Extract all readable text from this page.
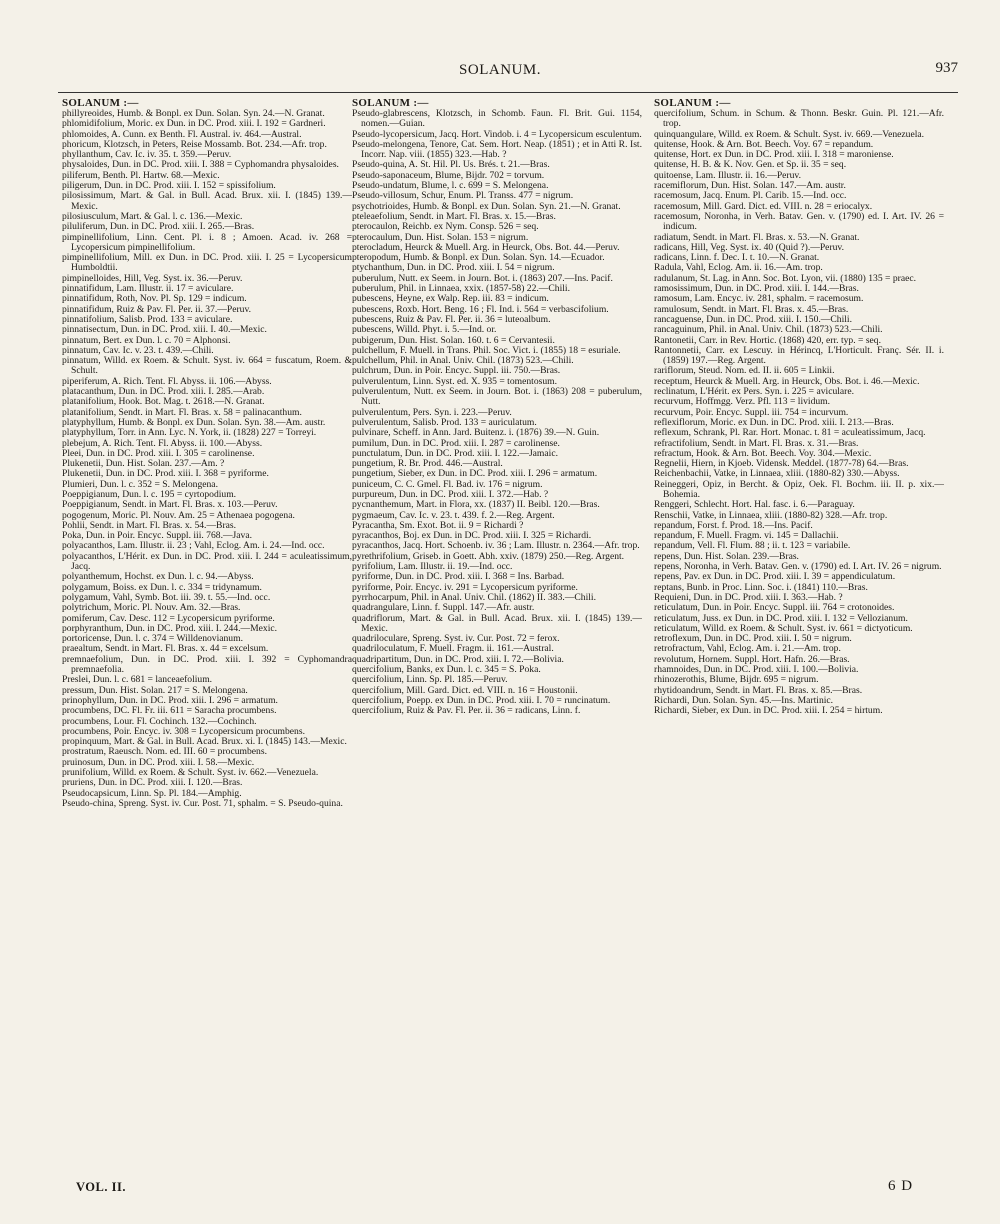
SOLANUM.	937
SOLANUM :—

phillyreoides, Humb. & Bonpl. ex Dun. Solan. Syn. 24.—N. Granat.

phlomidifolium, Moric. ex Dun. in DC. Prod. xiii. I. 192 = Gardneri.

phlomoides, A. Cunn. ex Benth. Fl. Austral. iv. 464.—Austral.

phoricum, Klotzsch, in Peters, Reise Mossamb. Bot. 234.—Afr. trop.

phyllanthum, Cav. Ic. iv. 35. t. 359.—Peruv.

physaloides, Dun. in DC. Prod. xiii. I. 388 = Cyphomandra physaloides.

piliferum, Benth. Pl. Hartw. 68.—Mexic.

piligerum, Dun. in DC. Prod. xiii. I. 152 = spissifolium.

pilosissimum, Mart. & Gal. in Bull. Acad. Brux. xii. I. (1845) 139.—Mexic.

pilosiusculum, Mart. & Gal. l. c. 136.—Mexic.

piluliferum, Dun. in DC. Prod. xiii. I. 265.—Bras.

pimpinellifolium, Linn. Cent. Pl. i. 8 ; Amoen. Acad. iv. 268 = Lycopersicum pimpinellifolium.

pimpinellifolium, Mill. ex Dun. in DC. Prod. xiii. I. 25 = Lycopersicum Humboldtii.

pimpinelloides, Hill, Veg. Syst. ix. 36.—Peruv.

pinnatifidum, Lam. Illustr. ii. 17 = aviculare.

pinnatifidum, Roth, Nov. Pl. Sp. 129 = indicum.

pinnatifidum, Ruiz & Pav. Fl. Per. ii. 37.—Peruv.

pinnatifolium, Salisb. Prod. 133 = aviculare.

pinnatisectum, Dun. in DC. Prod. xiii. I. 40.—Mexic.

pinnatum, Bert. ex Dun. l. c. 70 = Alphonsi.

pinnatum, Cav. Ic. v. 23. t. 439.—Chili.

pinnatum, Willd. ex Roem. & Schult. Syst. iv. 664 = fuscatum, Roem. & Schult.

piperiferum, A. Rich. Tent. Fl. Abyss. ii. 106.—Abyss.

platacanthum, Dun. in DC. Prod. xiii. I. 285.—Arab.

platanifolium, Hook. Bot. Mag. t. 2618.—N. Granat.

platanifolium, Sendt. in Mart. Fl. Bras. x. 58 = palinacanthum.

platyphyllum, Humb. & Bonpl. ex Dun. Solan. Syn. 38.—Am. austr.

platyphyllum, Torr. in Ann. Lyc. N. York, ii. (1828) 227 = Torreyi.

plebejum, A. Rich. Tent. Fl. Abyss. ii. 100.—Abyss.

Pleei, Dun. in DC. Prod. xiii. I. 305 = carolinense.

Plukenetii, Dun. Hist. Solan. 237.—Am. ?

Plukenetii, Dun. in DC. Prod. xiii. I. 368 = pyriforme.

Plumieri, Dun. l. c. 352 = S. Melongena.

Poeppigianum, Dun. l. c. 195 = cyrtopodium.

Poeppigianum, Sendt. in Mart. Fl. Bras. x. 103.—Peruv.

pogogenum, Moric. Pl. Nouv. Am. 25 = Athenaea pogogena.

Pohlii, Sendt. in Mart. Fl. Bras. x. 54.—Bras.

Poka, Dun. in Poir. Encyc. Suppl. iii. 768.—Java.

polyacanthos, Lam. Illustr. ii. 23 ; Vahl, Eclog. Am. i. 24.—Ind. occ.

polyacanthos, L'Hérit. ex Dun. in DC. Prod. xiii. I. 244 = aculeatissimum, Jacq.

polyanthemum, Hochst. ex Dun. l. c. 94.—Abyss.

polygamum, Boiss. ex Dun. l. c. 334 = tridynamum.

polygamum, Vahl, Symb. Bot. iii. 39. t. 55.—Ind. occ.

polytrichum, Moric. Pl. Nouv. Am. 32.—Bras.

pomiferum, Cav. Desc. 112 = Lycopersicum pyriforme.

porphyranthum, Dun. in DC. Prod. xiii. I. 244.—Mexic.

portoricense, Dun. l. c. 374 = Willdenovianum.

praealtum, Sendt. in Mart. Fl. Bras. x. 44 = excelsum.

premnaefolium, Dun. in DC. Prod. xiii. I. 392 = Cyphomandra premnaefolia.

Preslei, Dun. l. c. 681 = lanceaefolium.

pressum, Dun. Hist. Solan. 217 = S. Melongena.

prinophyllum, Dun. in DC. Prod. xiii. I. 296 = armatum.

procumbens, DC. Fl. Fr. iii. 611 = Saracha procumbens.

procumbens, Lour. Fl. Cochinch. 132.—Cochinch.

procumbens, Poir. Encyc. iv. 308 = Lycopersicum procumbens.

propinquum, Mart. & Gal. in Bull. Acad. Brux. xi. I. (1845) 143.—Mexic.

prostratum, Raeusch. Nom. ed. III. 60 = procumbens.

pruinosum, Dun. in DC. Prod. xiii. I. 58.—Mexic.

prunifolium, Willd. ex Roem. & Schult. Syst. iv. 662.—Venezuela.

pruriens, Dun. in DC. Prod. xiii. I. 120.—Bras.

Pseudocapsicum, Linn. Sp. Pl. 184.—Amphig.

Pseudo-china, Spreng. Syst. iv. Cur. Post. 71, sphalm. = S. Pseudo-quina.

SOLANUM :—

Pseudo-glabrescens, Klotzsch, in Schomb. Faun. Fl. Brit. Gui. 1154, nomen.—Guian.

Pseudo-lycopersicum, Jacq. Hort. Vindob. i. 4 = Lycopersicum esculentum.

Pseudo-melongena, Tenore, Cat. Sem. Hort. Neap. (1851) ; et in Atti R. Ist. Incorr. Nap. viii. (1855) 323.—Hab. ?

Pseudo-quina, A. St. Hil. Pl. Us. Brés. t. 21.—Bras.

Pseudo-saponaceum, Blume, Bijdr. 702 = torvum.

Pseudo-undatum, Blume, l. c. 699 = S. Melongena.

Pseudo-villosum, Schur, Enum. Pl. Transs. 477 = nigrum.

psychotrioides, Humb. & Bonpl. ex Dun. Solan. Syn. 21.—N. Granat.

pteleaefolium, Sendt. in Mart. Fl. Bras. x. 15.—Bras.

pterocaulon, Reichb. ex Nym. Consp. 526 = seq.

pterocaulum, Dun. Hist. Solan. 153 = nigrum.

pterocladum, Heurck & Muell. Arg. in Heurck, Obs. Bot. 44.—Peruv.

pteropodum, Humb. & Bonpl. ex Dun. Solan. Syn. 14.—Ecuador.

ptychanthum, Dun. in DC. Prod. xiii. I. 54 = nigrum.

puberulum, Nutt. ex Seem. in Journ. Bot. i. (1863) 207.—Ins. Pacif.

puberulum, Phil. in Linnaea, xxix. (1857-58) 22.—Chili.

pubescens, Heyne, ex Walp. Rep. iii. 83 = indicum.

pubescens, Roxb. Hort. Beng. 16 ; Fl. Ind. i. 564 = verbascifolium.

pubescens, Ruiz & Pav. Fl. Per. ii. 36 = luteoalbum.

pubescens, Willd. Phyt. i. 5.—Ind. or.

pubigerum, Dun. Hist. Solan. 160. t. 6 = Cervantesii.

pulchellum, F. Muell. in Trans. Phil. Soc. Vict. i. (1855) 18 = esuriale.

pulchellum, Phil. in Anal. Univ. Chil. (1873) 523.—Chili.

pulchrum, Dun. in Poir. Encyc. Suppl. iii. 750.—Bras.

pulverulentum, Linn. Syst. ed. X. 935 = tomentosum.

pulverulentum, Nutt. ex Seem. in Journ. Bot. i. (1863) 208 = puberulum, Nutt.

pulverulentum, Pers. Syn. i. 223.—Peruv.

pulverulentum, Salisb. Prod. 133 = auriculatum.

pulvinare, Scheff. in Ann. Jard. Buitenz. i. (1876) 39.—N. Guin.

pumilum, Dun. in DC. Prod. xiii. I. 287 = carolinense.

punctulatum, Dun. in DC. Prod. xiii. I. 122.—Jamaic.

pungetium, R. Br. Prod. 446.—Austral.

pungetium, Sieber, ex Dun. in DC. Prod. xiii. I. 296 = armatum.

puniceum, C. C. Gmel. Fl. Bad. iv. 176 = nigrum.

purpureum, Dun. in DC. Prod. xiii. I. 372.—Hab. ?

pycnanthemum, Mart. in Flora, xx. (1837) II. Beibl. 120.—Bras.

pygmaeum, Cav. Ic. v. 23. t. 439. f. 2.—Reg. Argent.

Pyracantha, Sm. Exot. Bot. ii. 9 = Richardi ?

pyracanthos, Boj. ex Dun. in DC. Prod. xiii. I. 325 = Richardi.

pyracanthos, Jacq. Hort. Schoenb. iv. 36 ; Lam. Illustr. n. 2364.—Afr. trop.

pyrethrifolium, Griseb. in Goett. Abh. xxiv. (1879) 250.—Reg. Argent.

pyrifolium, Lam. Illustr. ii. 19.—Ind. occ.

pyriforme, Dun. in DC. Prod. xiii. I. 368 = Ins. Barbad.

pyriforme, Poir. Encyc. iv. 291 = Lycopersicum pyriforme.

pyrrhocarpum, Phil. in Anal. Univ. Chil. (1862) II. 383.—Chili.

quadrangulare, Linn. f. Suppl. 147.—Afr. austr.

quadriflorum, Mart. & Gal. in Bull. Acad. Brux. xii. I. (1845) 139.—Mexic.

quadriloculare, Spreng. Syst. iv. Cur. Post. 72 = ferox.

quadriloculatum, F. Muell. Fragm. ii. 161.—Austral.

quadripartitum, Dun. in DC. Prod. xiii. I. 72.—Bolivia.

quercifolium, Banks, ex Dun. l. c. 345 = S. Poka.

quercifolium, Linn. Sp. Pl. 185.—Peruv.

quercifolium, Mill. Gard. Dict. ed. VIII. n. 16 = Houstonii.

quercifolium, Poepp. ex Dun. in DC. Prod. xiii. I. 70 = runcinatum.

quercifolium, Ruiz & Pav. Fl. Per. ii. 36 = radicans, Linn. f.

SOLANUM :—

quercifolium, Schum. in Schum. & Thonn. Beskr. Guin. Pl. 121.—Afr. trop.

quinquangulare, Willd. ex Roem. & Schult. Syst. iv. 669.—Venezuela.

quitense, Hook. & Arn. Bot. Beech. Voy. 67 = repandum.

quitense, Hort. ex Dun. in DC. Prod. xiii. I. 318 = maroniense.

quitense, H. B. & K. Nov. Gen. et Sp. ii. 35 = seq.

quitoense, Lam. Illustr. ii. 16.—Peruv.

racemiflorum, Dun. Hist. Solan. 147.—Am. austr.

racemosum, Jacq. Enum. Pl. Carib. 15.—Ind. occ.

racemosum, Mill. Gard. Dict. ed. VIII. n. 28 = eriocalyx.

racemosum, Noronha, in Verh. Batav. Gen. v. (1790) ed. I. Art. IV. 26 = indicum.

radiatum, Sendt. in Mart. Fl. Bras. x. 53.—N. Granat.

radicans, Hill, Veg. Syst. ix. 40 (Quid ?).—Peruv.

radicans, Linn. f. Dec. I. t. 10.—N. Granat.

Radula, Vahl, Eclog. Am. ii. 16.—Am. trop.

radulanum, St. Lag. in Ann. Soc. Bot. Lyon, vii. (1880) 135 = praec.

ramosissimum, Dun. in DC. Prod. xiii. I. 144.—Bras.

ramosum, Lam. Encyc. iv. 281, sphalm. = racemosum.

ramulosum, Sendt. in Mart. Fl. Bras. x. 45.—Bras.

rancaguense, Dun. in DC. Prod. xiii. I. 150.—Chili.

rancaguinum, Phil. in Anal. Univ. Chil. (1873) 523.—Chili.

Rantonetii, Carr. in Rev. Hortic. (1868) 420, err. typ. = seq.

Rantonnetii, Carr. ex Lescuy. in Hérincq, L'Horticult. Franç. Sér. II. i. (1859) 197.—Reg. Argent.

rariflorum, Steud. Nom. ed. II. ii. 605 = Linkii.

receptum, Heurck & Muell. Arg. in Heurck, Obs. Bot. i. 46.—Mexic.

reclinatum, L'Hérit. ex Pers. Syn. i. 225 = aviculare.

recurvum, Hoffmgg. Verz. Pfl. 113 = lividum.

recurvum, Poir. Encyc. Suppl. iii. 754 = incurvum.

reflexiflorum, Moric. ex Dun. in DC. Prod. xiii. I. 213.—Bras.

reflexum, Schrank, Pl. Rar. Hort. Monac. t. 81 = aculeatissimum, Jacq.

refractifolium, Sendt. in Mart. Fl. Bras. x. 31.—Bras.

refractum, Hook. & Arn. Bot. Beech. Voy. 304.—Mexic.

Regnelii, Hiern, in Kjoeb. Vidensk. Meddel. (1877-78) 64.—Bras.

Reichenbachii, Vatke, in Linnaea, xliii. (1880-82) 330.—Abyss.

Reineggeri, Opiz, in Bercht. & Opiz, Oek. Fl. Bochm. iii. II. p. xix.—Bohemia.

Renggeri, Schlecht. Hort. Hal. fasc. i. 6.—Paraguay.

Renschii, Vatke, in Linnaea, xliii. (1880-82) 328.—Afr. trop.

repandum, Forst. f. Prod. 18.—Ins. Pacif.

repandum, F. Muell. Fragm. vi. 145 = Dallachii.

repandum, Vell. Fl. Flum. 88 ; ii. t. 123 = variabile.

repens, Dun. Hist. Solan. 239.—Bras.

repens, Noronha, in Verh. Batav. Gen. v. (1790) ed. I. Art. IV. 26 = nigrum.

repens, Pav. ex Dun. in DC. Prod. xiii. I. 39 = appendiculatum.

reptans, Bunb. in Proc. Linn. Soc. i. (1841) 110.—Bras.

Requieni, Dun. in DC. Prod. xiii. I. 363.—Hab. ?

reticulatum, Dun. in Poir. Encyc. Suppl. iii. 764 = crotonoides.

reticulatum, Juss. ex Dun. in DC. Prod. xiii. I. 132 = Vellozianum.

reticulatum, Willd. ex Roem. & Schult. Syst. iv. 661 = dictyoticum.

retroflexum, Dun. in DC. Prod. xiii. I. 50 = nigrum.

retrofractum, Vahl, Eclog. Am. i. 21.—Am. trop.

revolutum, Hornem. Suppl. Hort. Hafn. 26.—Bras.

rhamnoides, Dun. in DC. Prod. xiii. I. 100.—Bolivia.

rhinozerothis, Blume, Bijdr. 695 = nigrum.

rhytidoandrum, Sendt. in Mart. Fl. Bras. x. 85.—Bras.

Richardi, Dun. Solan. Syn. 45.—Ins. Martinic.

Richardi, Sieber, ex Dun. in DC. Prod. xiii. I. 254 = hirtum.

VOL. II.	6 D
